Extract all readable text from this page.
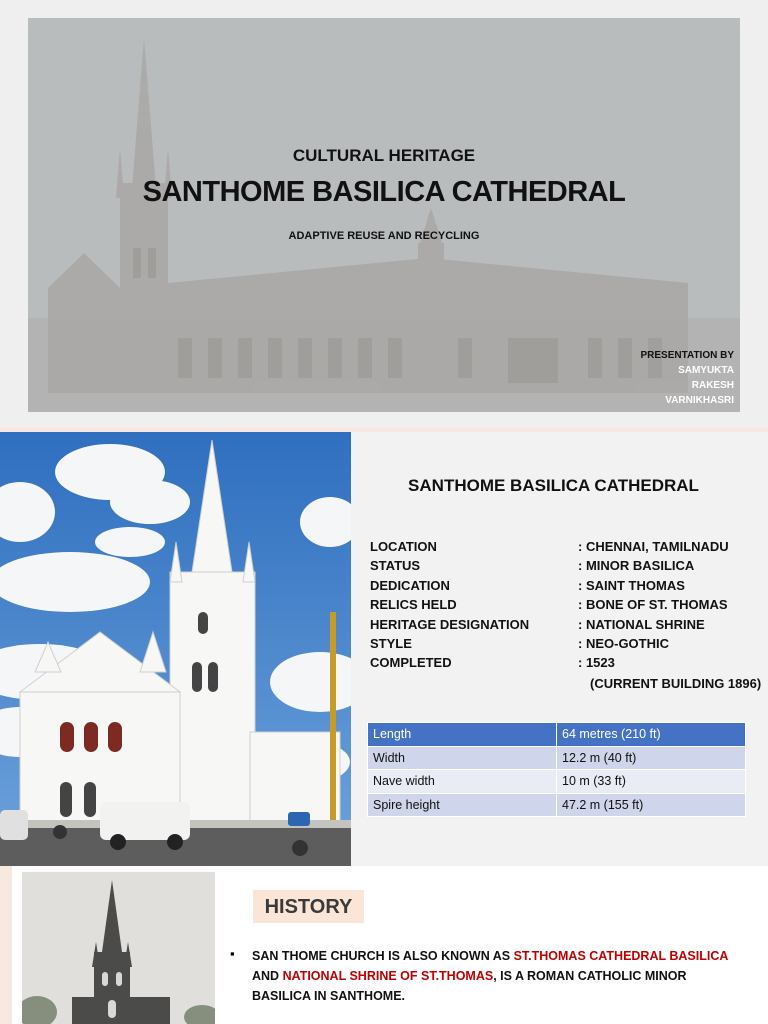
CULTURAL HERITAGE
SANTHOME BASILICA CATHEDRAL
ADAPTIVE REUSE AND RECYCLING
PRESENTATION BY
SAMYUKTA
RAKESH
VARNIKHASRI
SANTHOME BASILICA CATHEDRAL
LOCATION	: CHENNAI, TAMILNADU
STATUS	: MINOR BASILICA
DEDICATION	: SAINT THOMAS
RELICS HELD	: BONE OF ST. THOMAS
HERITAGE DESIGNATION	: NATIONAL SHRINE
STYLE	: NEO-GOTHIC
COMPLETED	: 1523
(CURRENT BUILDING 1896)
Length	64 metres (210 ft)
Width	12.2 m (40 ft)
Nave width	10 m (33 ft)
Spire height	47.2 m (155 ft)
HISTORY
▪ SAN THOME CHURCH IS ALSO KNOWN AS ST.THOMAS CATHEDRAL BASILICA AND NATIONAL SHRINE OF ST.THOMAS, IS A ROMAN CATHOLIC MINOR BASILICA IN SANTHOME.
